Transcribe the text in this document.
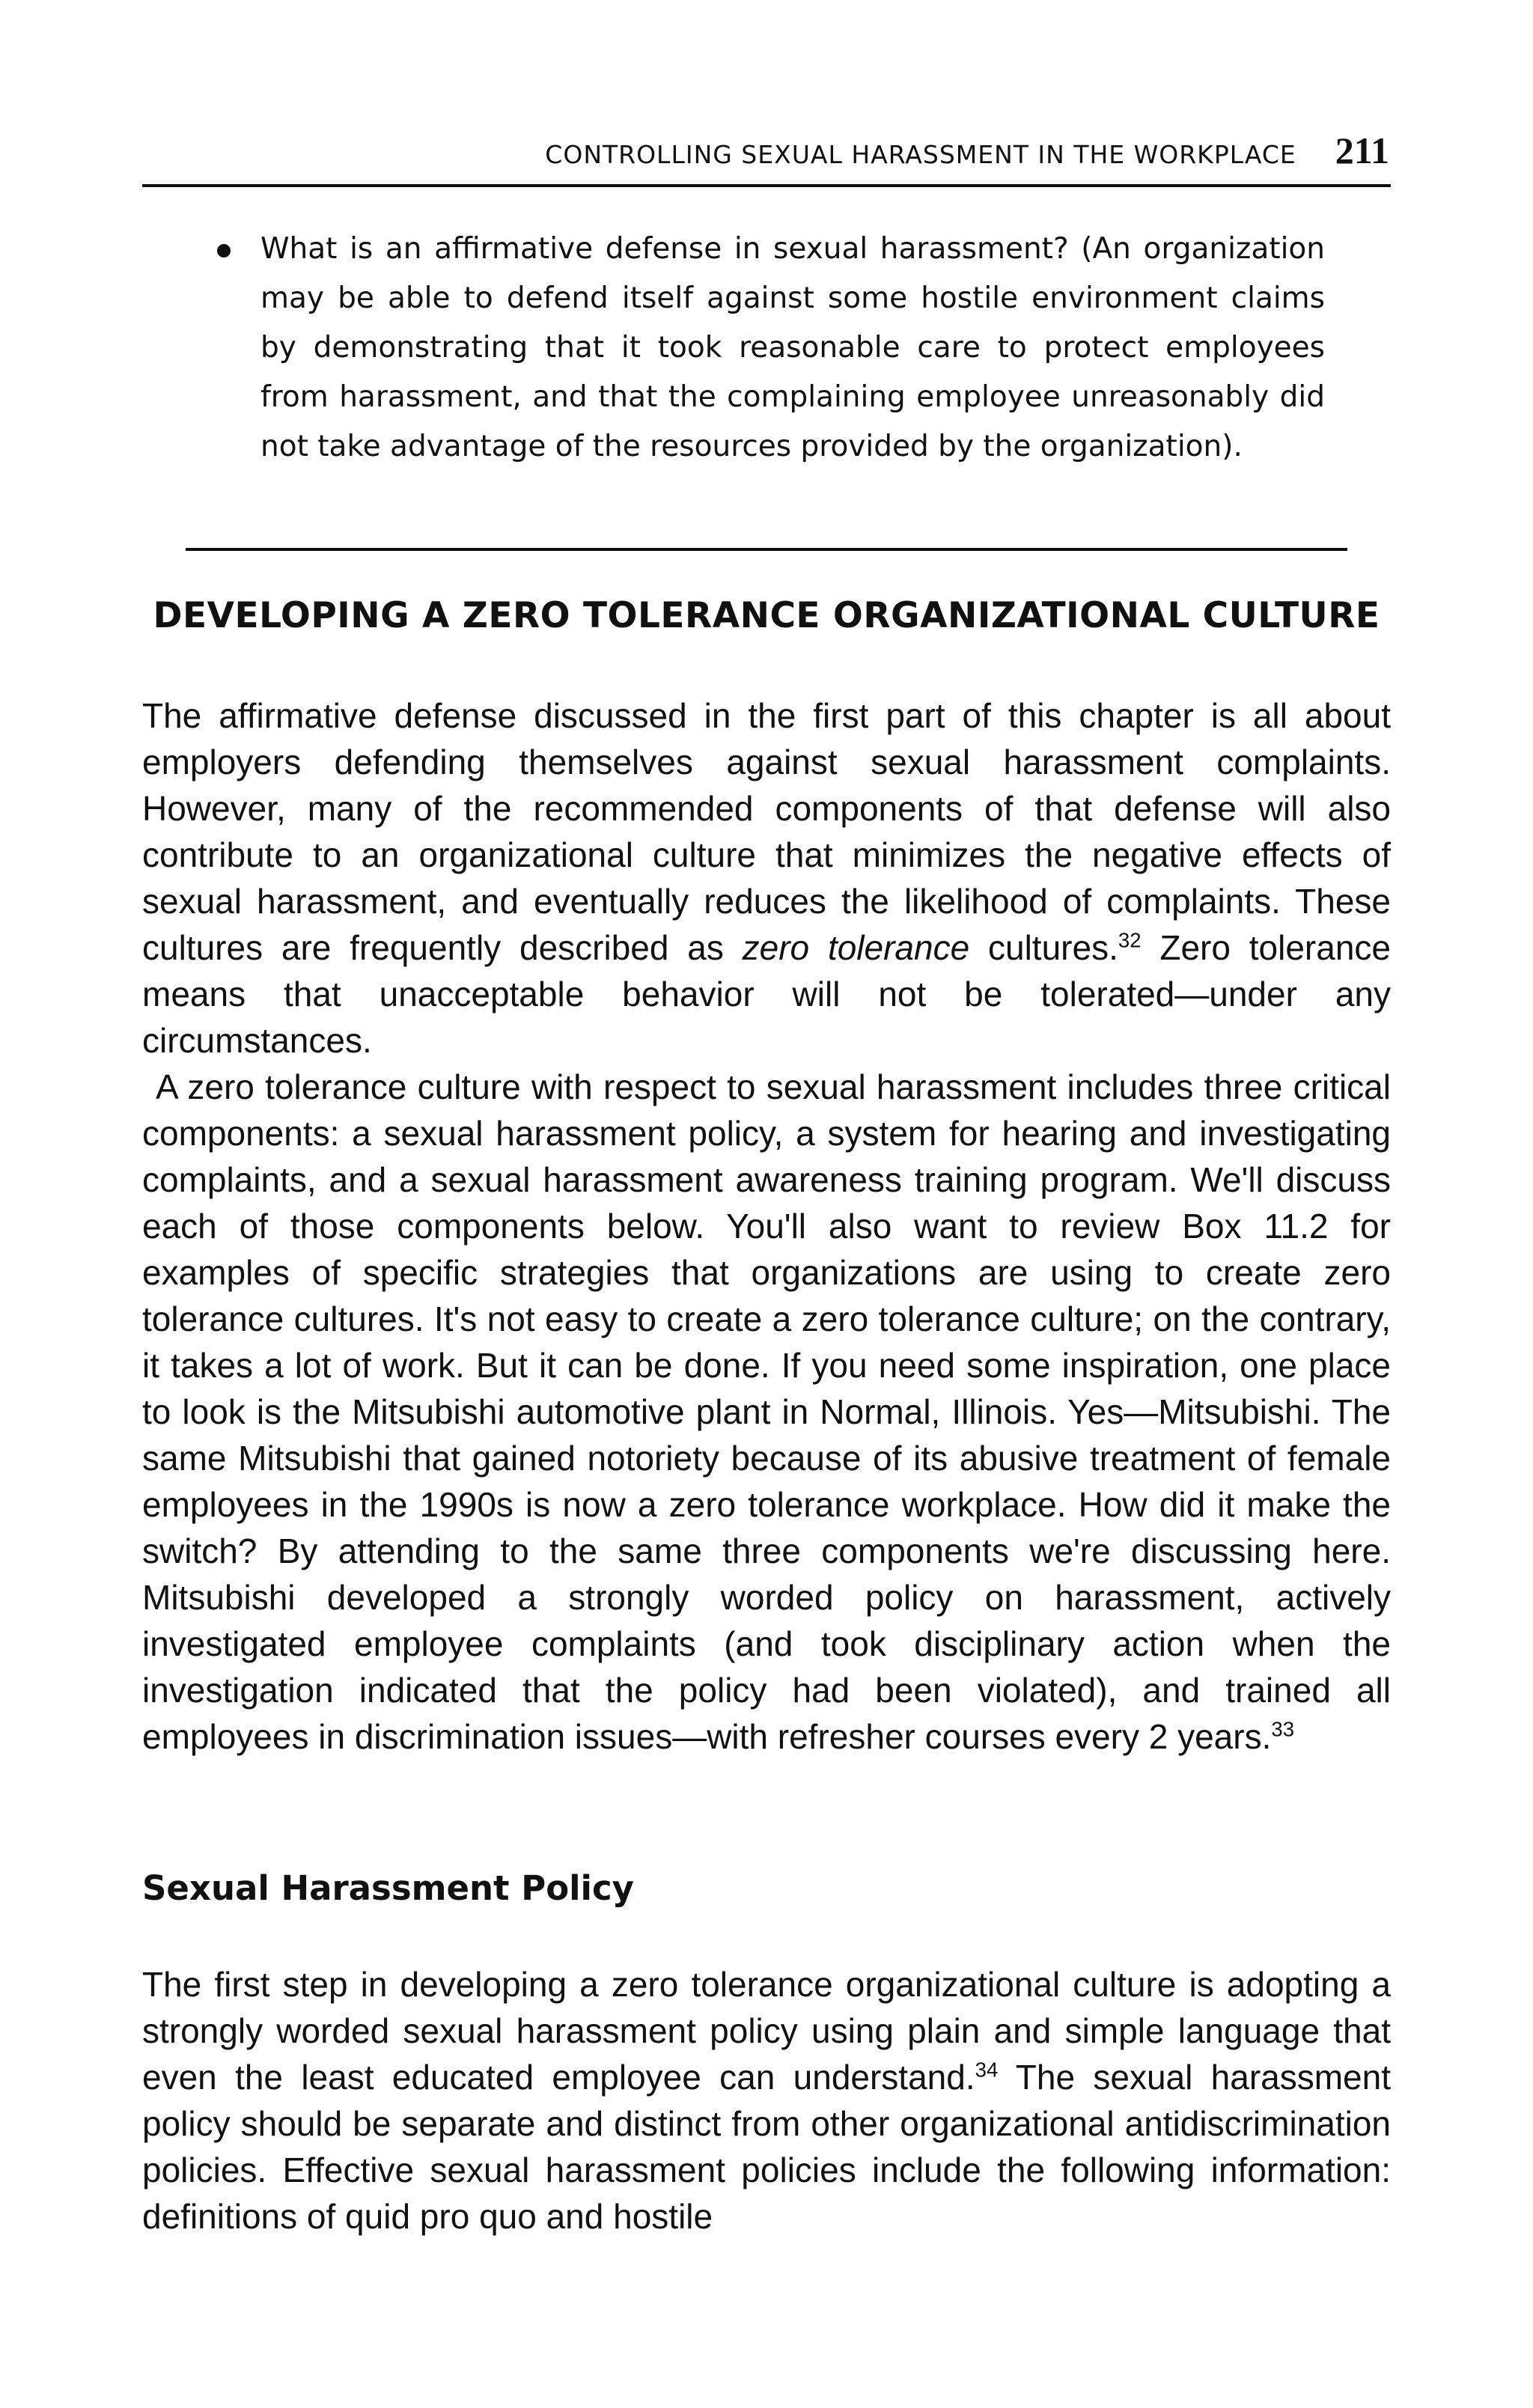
CONTROLLING SEXUAL HARASSMENT IN THE WORKPLACE 211
What is an affirmative defense in sexual harassment? (An organization may be able to defend itself against some hostile environment claims by demonstrating that it took reasonable care to protect employees from harassment, and that the complaining employee unreasonably did not take advantage of the resources provided by the organization).
DEVELOPING A ZERO TOLERANCE ORGANIZATIONAL CULTURE

The affirmative defense discussed in the first part of this chapter is all about employers defending themselves against sexual harassment complaints. However, many of the recommended components of that defense will also contribute to an organizational culture that minimizes the negative effects of sexual harassment, and eventually reduces the likelihood of complaints. These cultures are frequently described as zero tolerance cultures.$^{32}$ Zero tolerance means that unacceptable behavior will not be tolerated—under any circumstances.

A zero tolerance culture with respect to sexual harassment includes three critical components: a sexual harassment policy, a system for hearing and investigating complaints, and a sexual harassment awareness training program. We'll discuss each of those components below. You'll also want to review Box 11.2 for examples of specific strategies that organizations are using to create zero tolerance cultures. It's not easy to create a zero tolerance culture; on the contrary, it takes a lot of work. But it can be done. If you need some inspiration, one place to look is the Mitsubishi automotive plant in Normal, Illinois. Yes—Mitsubishi. The same Mitsubishi that gained notoriety because of its abusive treatment of female employees in the 1990s is now a zero tolerance workplace. How did it make the switch? By attending to the same three components we're discussing here. Mitsubishi developed a strongly worded policy on harassment, actively investigated employee complaints (and took disciplinary action when the investigation indicated that the policy had been violated), and trained all employees in discrimination issues—with refresher courses every 2 years.$^{33}$

Sexual Harassment Policy

The first step in developing a zero tolerance organizational culture is adopting a strongly worded sexual harassment policy using plain and simple language that even the least educated employee can understand.$^{34}$ The sexual harassment policy should be separate and distinct from other organizational antidiscrimination policies. Effective sexual harassment policies include the following information: definitions of quid pro quo and hostile
